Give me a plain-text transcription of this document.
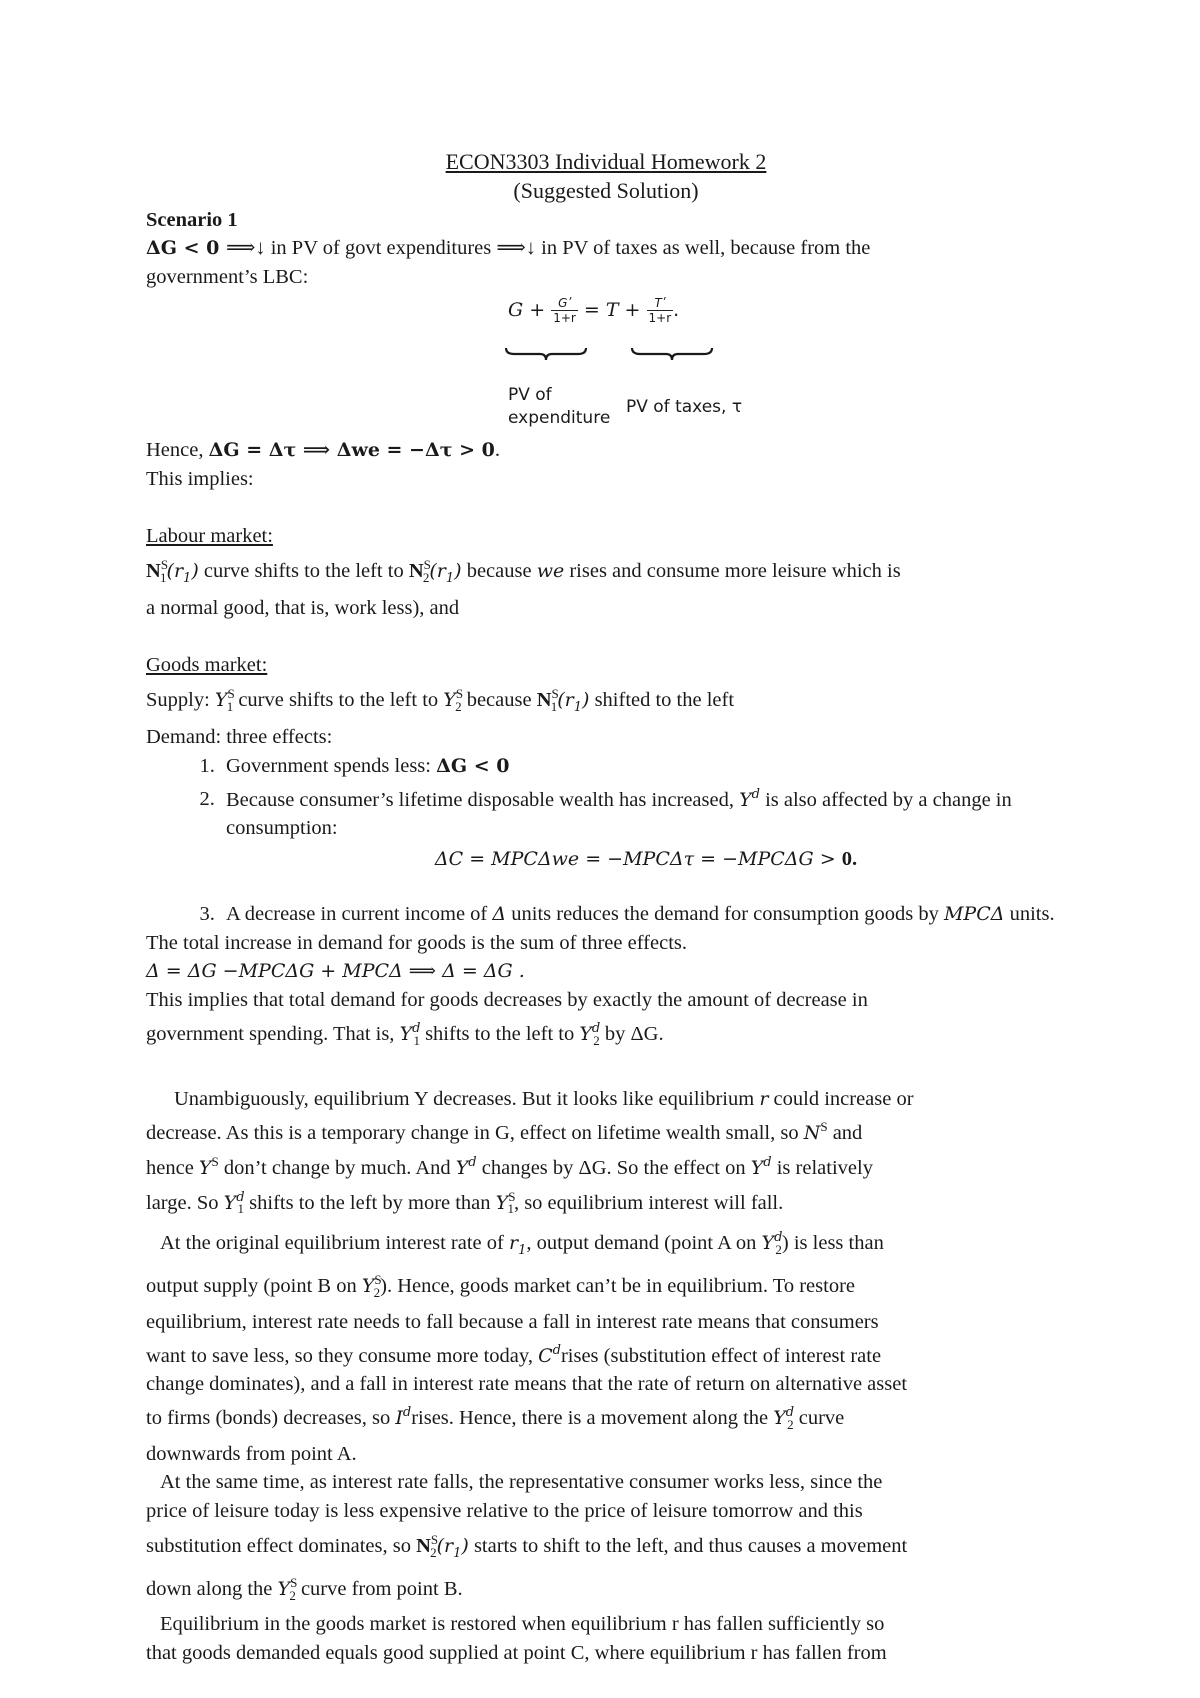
ECON3303 Individual Homework 2
(Suggested Solution)
Scenario 1
ΔG < 0 ⟹↓ in PV of govt expenditures ⟹↓ in PV of taxes as well, because from the
government’s LBC:
$G + \frac{\text{Gʹ}}{1+r} = T + \frac{\text{Tʹ}}{1+r}$ .
PV of
expenditure
PV of taxes, τ
Hence, ΔG = Δτ ⟹ Δwe = −Δτ > 0.
This implies:
Labour market:
$N^S_1(r_1)$ curve shifts to the left to $N^S_2(r_1)$ because we rises and consume more leisure which is
a normal good, that is, work less), and
Goods market:
Supply: $Y^S_1$ curve shifts to the left to $Y^S_2$ because $N^S_1(r_1)$ shifted to the left
Demand: three effects:
1. Government spends less: ΔG < 0
2. Because consumer’s lifetime disposable wealth has increased, $Y^d$ is also affected by a change in consumption:
ΔC = MPCΔwe = −MPCΔτ = −MPCΔG > 0.
3. A decrease in current income of Δ units reduces the demand for consumption goods by MPCΔ units.
The total increase in demand for goods is the sum of three effects.
Δ = ΔG −MPCΔG + MPCΔ ⟹ Δ = ΔG .
This implies that total demand for goods decreases by exactly the amount of decrease in
government spending. That is, $Y^d_1$ shifts to the left to $Y^d_2$ by ΔG.
Unambiguously, equilibrium Y decreases. But it looks like equilibrium r could increase or
decrease. As this is a temporary change in G, effect on lifetime wealth small, so $N^S$ and
hence $Y^S$ don’t change by much. And $Y^d$ changes by ΔG. So the effect on $Y^d$ is relatively
large. So $Y^d_1$ shifts to the left by more than $Y^S_1$, so equilibrium interest will fall.
At the original equilibrium interest rate of $r_1$, output demand (point A on $Y^d_2$) is less than
output supply (point B on $Y^S_2$). Hence, goods market can’t be in equilibrium. To restore
equilibrium, interest rate needs to fall because a fall in interest rate means that consumers
want to save less, so they consume more today, $C^drises$ (substitution effect of interest rate
change dominates), and a fall in interest rate means that the rate of return on alternative asset
to firms (bonds) decreases, so $I^drises$. Hence, there is a movement along the $Y^d_2$ curve
downwards from point A.
At the same time, as interest rate falls, the representative consumer works less, since the
price of leisure today is less expensive relative to the price of leisure tomorrow and this
substitution effect dominates, so $N^S_2(r_1)$ starts to shift to the left, and thus causes a movement
down along the $Y^S_2$ curve from point B.
Equilibrium in the goods market is restored when equilibrium r has fallen sufficiently so
that goods demanded equals good supplied at point C, where equilibrium r has fallen from
